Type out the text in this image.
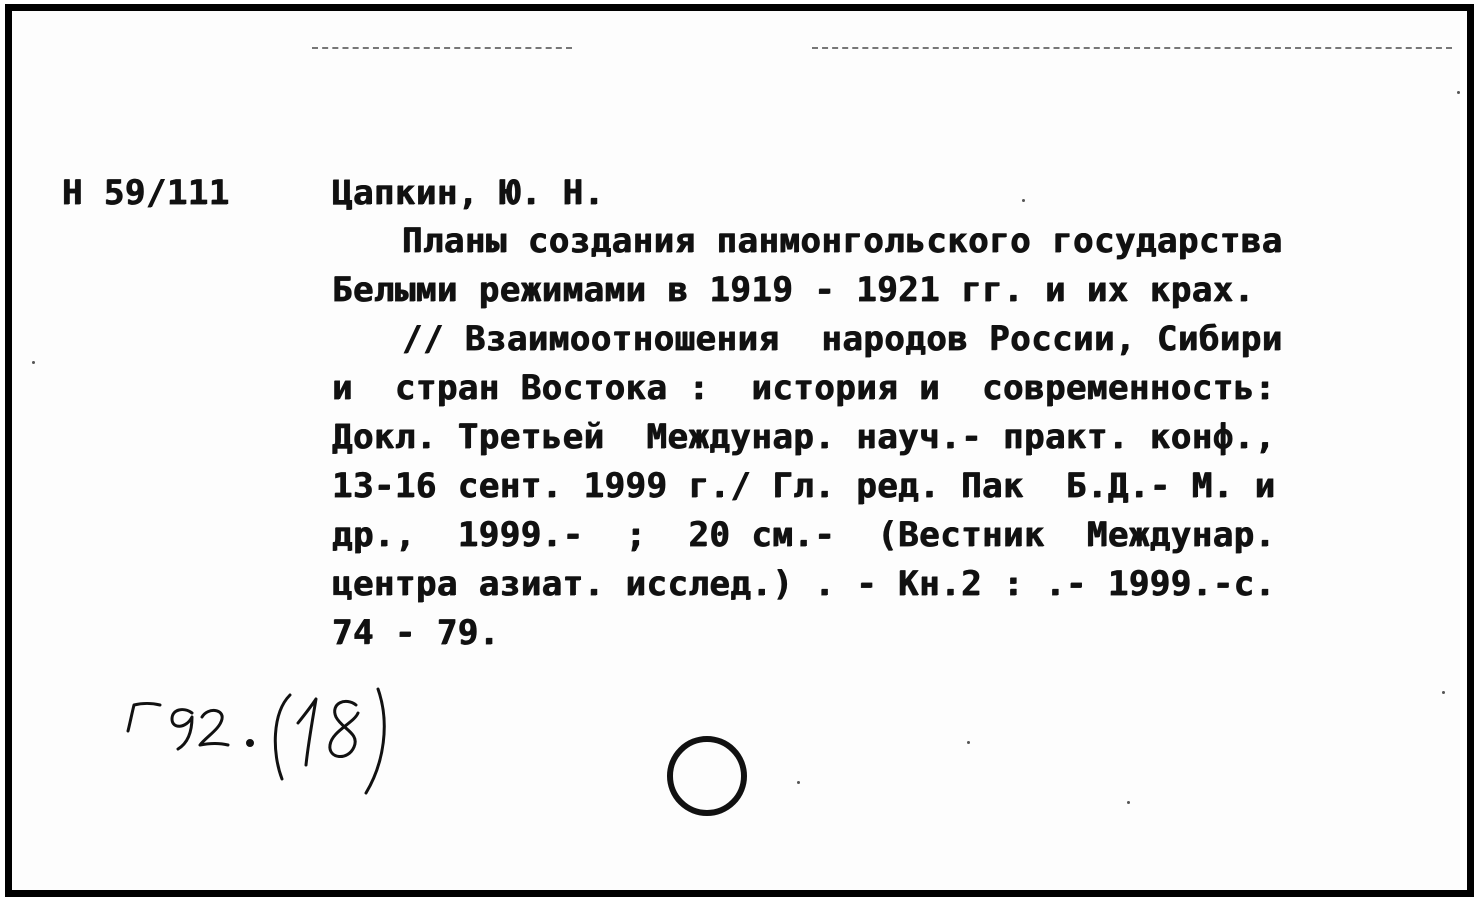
Н 59/111	Цапкин, Ю. Н.
Планы создания панмонгольского государства
Белыми режимами в 1919 - 1921 гг. и их крах.
// Взаимоотношения  народов России, Сибири
и  стран Востока :  история и  современность:
Докл. Третьей  Междунар. науч.- практ. конф.,
13-16 сент. 1999 г./ Гл. ред. Пак  Б.Д.- М. и
др.,  1999.-  ;  20 см.-  (Вестник  Междунар.
центра азиат. исслед.) . - Кн.2 : .- 1999.-с.
74 - 79.
